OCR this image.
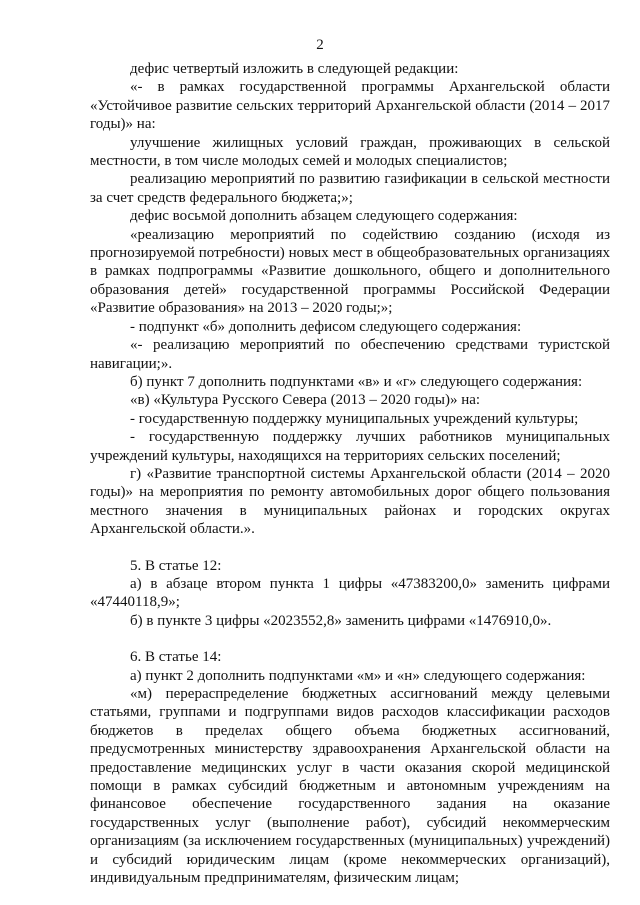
2

дефис четвертый изложить в следующей редакции:

«- в рамках государственной программы Архангельской области «Устойчивое развитие сельских территорий Архангельской области (2014 – 2017 годы)» на:

улучшение жилищных условий граждан, проживающих в сельской местности, в том числе молодых семей и молодых специалистов;

реализацию мероприятий по развитию газификации в сельской местности за счет средств федерального бюджета;»;

дефис восьмой дополнить абзацем следующего содержания:

«реализацию мероприятий по содействию созданию (исходя из прогнозируемой потребности) новых мест в общеобразовательных организациях в рамках подпрограммы «Развитие дошкольного, общего и дополнительного образования детей» государственной программы Российской Федерации «Развитие образования» на 2013 – 2020 годы;»;

- подпункт «б» дополнить дефисом следующего содержания:

«- реализацию мероприятий по обеспечению средствами туристской навигации;».

б) пункт 7 дополнить подпунктами «в» и «г» следующего содержания:

«в) «Культура Русского Севера (2013 – 2020 годы)» на:

- государственную поддержку муниципальных учреждений культуры;

- государственную поддержку лучших работников муниципальных учреждений культуры, находящихся на территориях сельских поселений;

г) «Развитие транспортной системы Архангельской области (2014 – 2020 годы)» на мероприятия по ремонту автомобильных дорог общего пользования местного значения в муниципальных районах и городских округах Архангельской области.».

5. В статье 12:

а) в абзаце втором пункта 1 цифры «47383200,0» заменить цифрами «47440118,9»;

б) в пункте 3 цифры «2023552,8» заменить цифрами «1476910,0».

6. В статье 14:

а) пункт 2 дополнить подпунктами «м» и «н» следующего содержания:

«м) перераспределение бюджетных ассигнований между целевыми статьями, группами и подгруппами видов расходов классификации расходов бюджетов в пределах общего объема бюджетных ассигнований, предусмотренных министерству здравоохранения Архангельской области на предоставление медицинских услуг в части оказания скорой медицинской помощи в рамках субсидий бюджетным и автономным учреждениям на финансовое обеспечение государственного задания на оказание государственных услуг (выполнение работ), субсидий некоммерческим организациям (за исключением государственных (муниципальных) учреждений) и субсидий юридическим лицам (кроме некоммерческих организаций), индивидуальным предпринимателям, физическим лицам;
